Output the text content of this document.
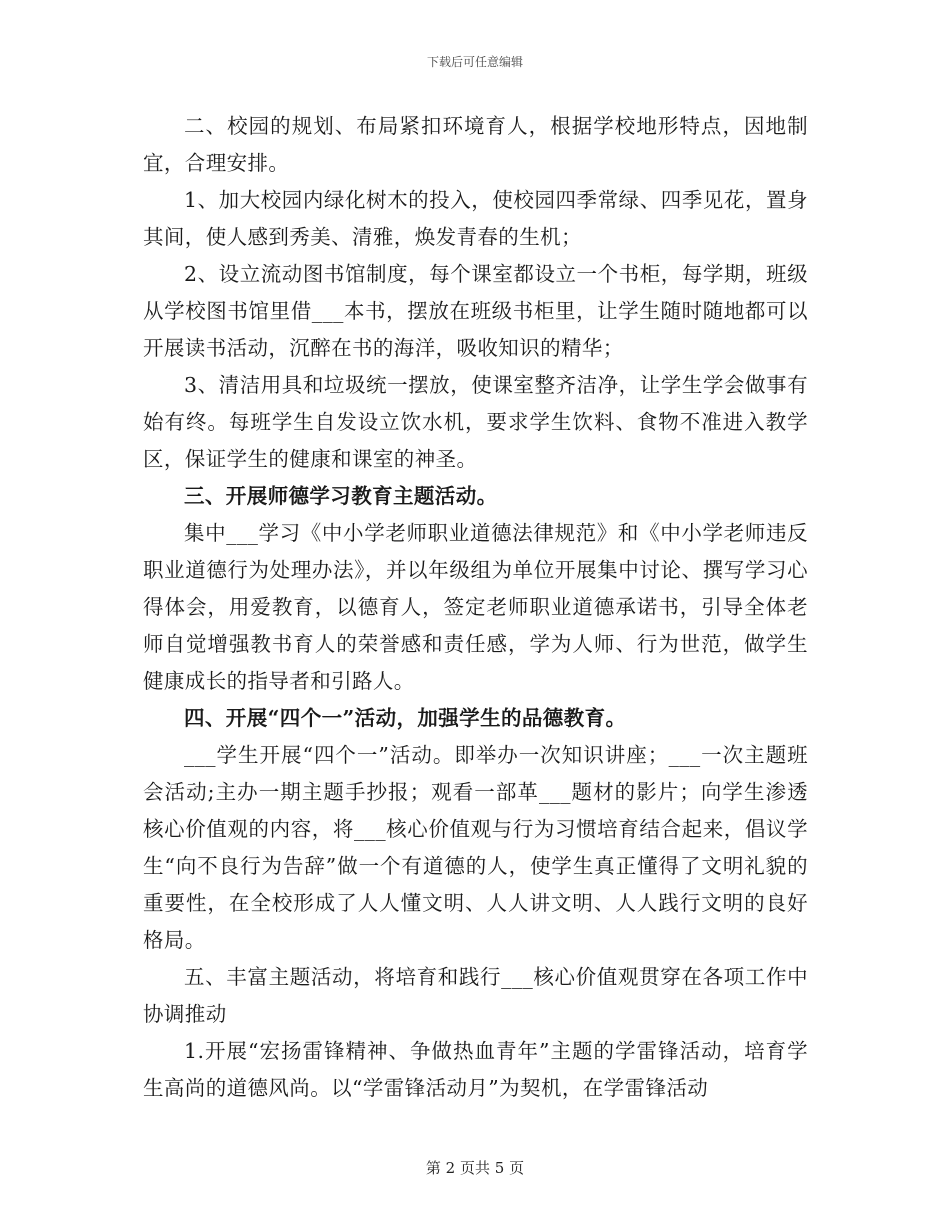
下载后可任意编辑

二、校园的规划、布局紧扣环境育人，根据学校地形特点，因地制宜，合理安排。

1、加大校园内绿化树木的投入，使校园四季常绿、四季见花，置身其间，使人感到秀美、清雅，焕发青春的生机；

2、设立流动图书馆制度，每个课室都设立一个书柜，每学期，班级从学校图书馆里借___本书，摆放在班级书柜里，让学生随时随地都可以开展读书活动，沉醉在书的海洋，吸收知识的精华；

3、清洁用具和垃圾统一摆放，使课室整齐洁净，让学生学会做事有始有终。每班学生自发设立饮水机，要求学生饮料、食物不准进入教学区，保证学生的健康和课室的神圣。

三、开展师德学习教育主题活动。

集中___学习《中小学老师职业道德法律规范》和《中小学老师违反职业道德行为处理办法》，并以年级组为单位开展集中讨论、撰写学习心得体会，用爱教育，以德育人，签定老师职业道德承诺书，引导全体老师自觉增强教书育人的荣誉感和责任感，学为人师、行为世范，做学生健康成长的指导者和引路人。

四、开展“四个一”活动，加强学生的品德教育。

___学生开展“四个一”活动。即举办一次知识讲座；___一次主题班会活动;主办一期主题手抄报；观看一部革___题材的影片；向学生渗透核心价值观的内容，将___核心价值观与行为习惯培育结合起来，倡议学生“向不良行为告辞”做一个有道德的人，使学生真正懂得了文明礼貌的重要性，在全校形成了人人懂文明、人人讲文明、人人践行文明的良好格局。

五、丰富主题活动，将培育和践行___核心价值观贯穿在各项工作中协调推动

1.开展“宏扬雷锋精神、争做热血青年”主题的学雷锋活动，培育学生高尚的道德风尚。以“学雷锋活动月”为契机，在学雷锋活动

第 2 页共 5 页
